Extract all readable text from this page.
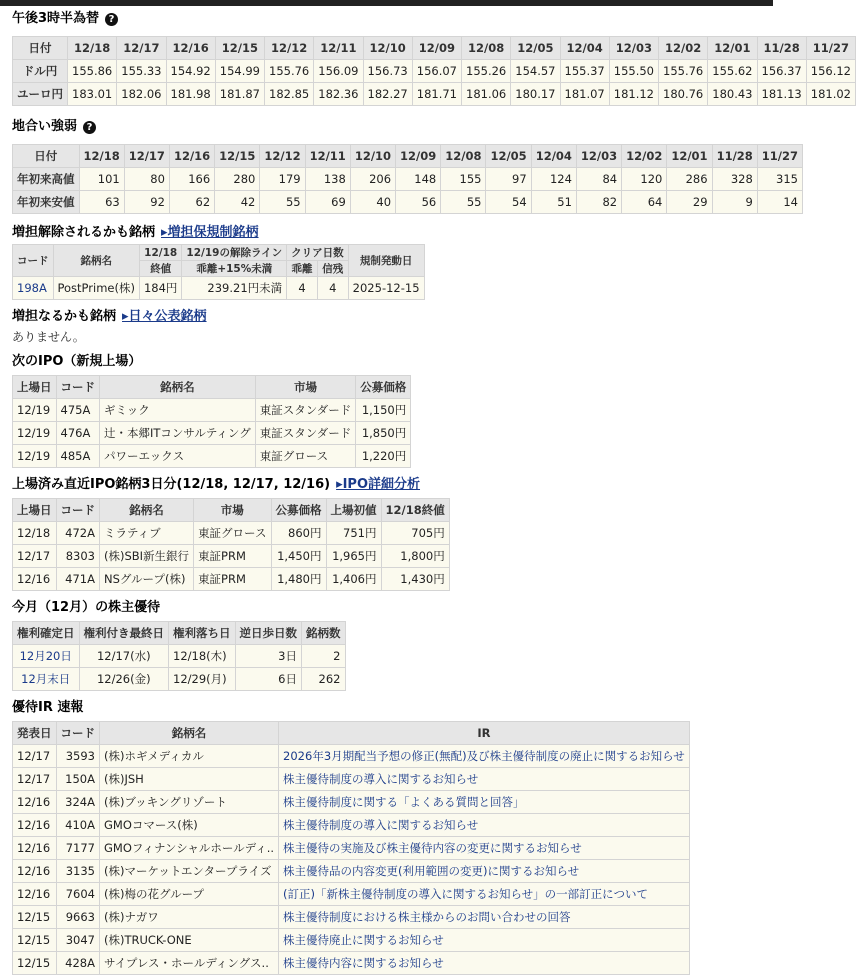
午後3時半為替 ?
日付	12/18	12/17	12/16	12/15	12/12	12/11	12/10	12/09	12/08	12/05	12/04	12/03	12/02	12/01	11/28	11/27
ドル円	155.86	155.33	154.92	154.99	155.76	156.09	156.73	156.07	155.26	154.57	155.37	155.50	155.76	155.62	156.37	156.12
ユーロ円	183.01	182.06	181.98	181.87	182.85	182.36	182.27	181.71	181.06	180.17	181.07	181.12	180.76	180.43	181.13	181.02
地合い強弱 ?
日付	12/18	12/17	12/16	12/15	12/12	12/11	12/10	12/09	12/08	12/05	12/04	12/03	12/02	12/01	11/28	11/27
年初来高値	101	80	166	280	179	138	206	148	155	97	124	84	120	286	328	315
年初来安値	63	92	62	42	55	69	40	56	55	54	51	82	64	29	9	14
増担解除されるかも銘柄 ▸増担保規制銘柄
コード	銘柄名	12/18	12/19の解除ライン	クリア日数		規制発動日
		終値	乖離+15%未満	乖離	信残	
198A	PostPrime(株)	184円	239.21円未満	4	4	2025-12-15
増担なるかも銘柄 ▸日々公表銘柄
ありません。
次のIPO（新規上場）
上場日	コード	銘柄名	市場	公募価格
12/19	475A	ギミック	東証スタンダード	1,150円
12/19	476A	辻・本郷ITコンサルティング	東証スタンダード	1,850円
12/19	485A	パワーエックス	東証グロース	1,220円
上場済み直近IPO銘柄3日分(12/18, 12/17, 12/16) ▸IPO詳細分析
上場日	コード	銘柄名	市場	公募価格	上場初値	12/18終値
12/18	472A	ミラティブ	東証グロース	860円	751円	705円
12/17	8303	(株)SBI新生銀行	東証PRM	1,450円	1,965円	1,800円
12/16	471A	NSグループ(株)	東証PRM	1,480円	1,406円	1,430円
今月（12月）の株主優待
権利確定日	権利付き最終日	権利落ち日	逆日歩日数	銘柄数
12月20日	12/17(水)	12/18(木)	3日	2
12月末日	12/26(金)	12/29(月)	6日	262
優待IR 速報
発表日	コード	銘柄名	IR
12/17	3593	(株)ホギメディカル	2026年3月期配当予想の修正(無配)及び株主優待制度の廃止に関するお知らせ
12/17	150A	(株)JSH	株主優待制度の導入に関するお知らせ
12/16	324A	(株)ブッキングリゾート	株主優待制度に関する「よくある質問と回答」
12/16	410A	GMOコマース(株)	株主優待制度の導入に関するお知らせ
12/16	7177	GMOフィナンシャルホールディ..	株主優待の実施及び株主優待内容の変更に関するお知らせ
12/16	3135	(株)マーケットエンタープライズ	株主優待品の内容変更(利用範囲の変更)に関するお知らせ
12/16	7604	(株)梅の花グループ	(訂正)「新株主優待制度の導入に関するお知らせ」の一部訂正について
12/15	9663	(株)ナガワ	株主優待制度における株主様からのお問い合わせの回答
12/15	3047	(株)TRUCK-ONE	株主優待廃止に関するお知らせ
12/15	428A	サイプレス・ホールディングス..	株主優待内容に関するお知らせ
